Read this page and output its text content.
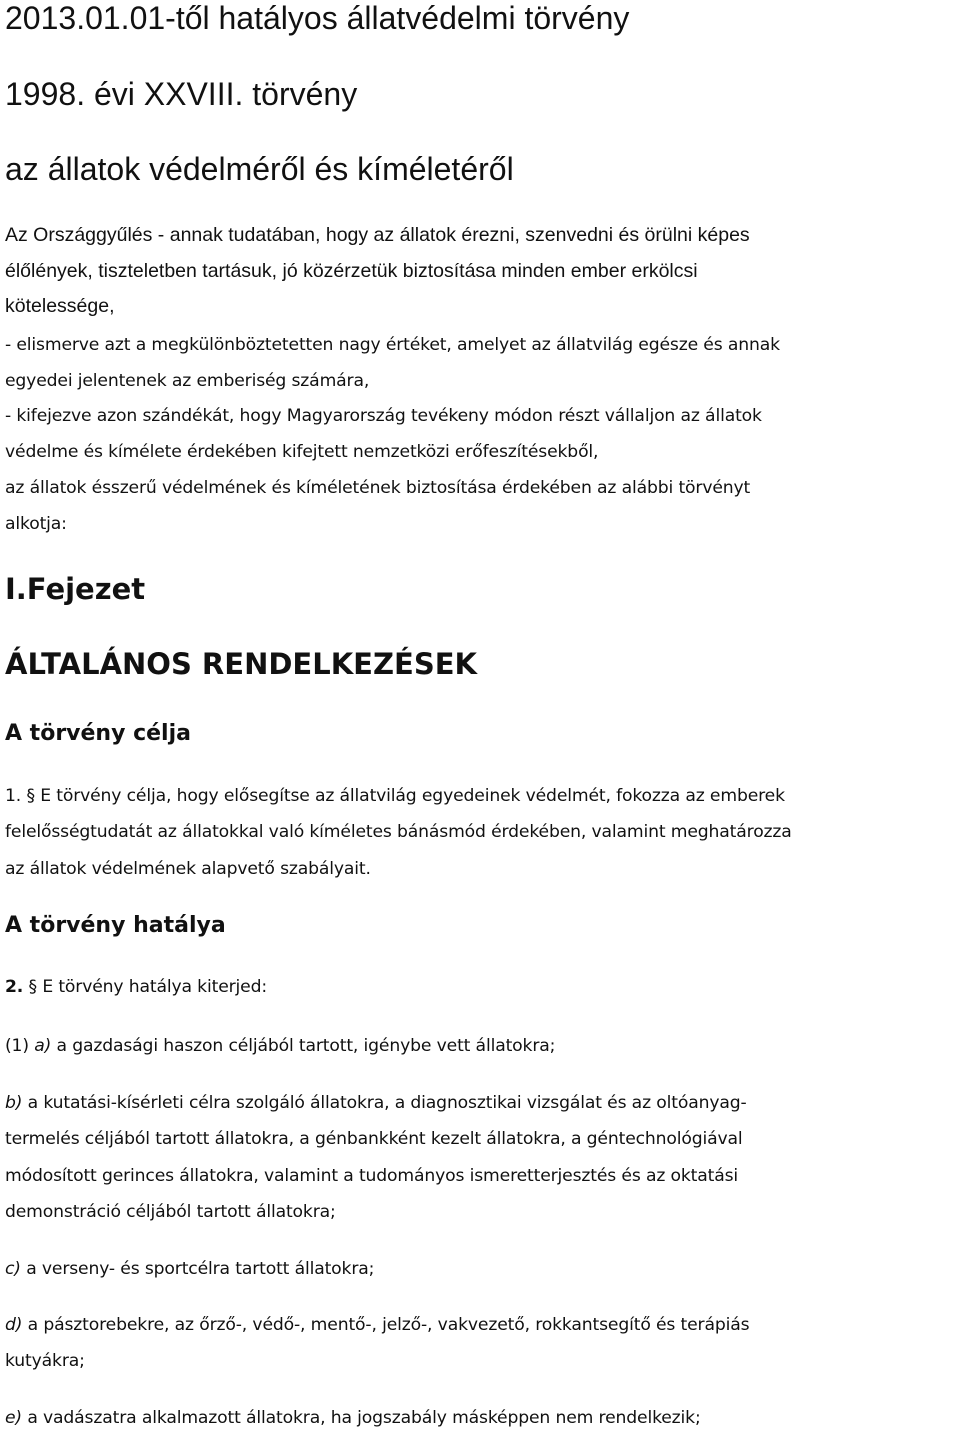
2013.01.01-től hatályos állatvédelmi törvény
1998. évi XXVIII. törvény
az állatok védelméről és kíméletéről

Az Országgyűlés - annak tudatában, hogy az állatok érezni, szenvedni és örülni képes
élőlények, tiszteletben tartásuk, jó közérzetük biztosítása minden ember erkölcsi
kötelessége,

- elismerve azt a megkülönböztetetten nagy értéket, amelyet az állatvilág egésze és annak
egyedei jelentenek az emberiség számára,

- kifejezve azon szándékát, hogy Magyarország tevékeny módon részt vállaljon az állatok
védelme és kímélete érdekében kifejtett nemzetközi erőfeszítésekből,

az állatok ésszerű védelmének és kíméletének biztosítása érdekében az alábbi törvényt
alkotja:

I.Fejezet
ÁLTALÁNOS RENDELKEZÉSEK
A törvény célja

1. § E törvény célja, hogy elősegítse az állatvilág egyedeinek védelmét, fokozza az emberek
felelősségtudatát az állatokkal való kíméletes bánásmód érdekében, valamint meghatározza
az állatok védelmének alapvető szabályait.

A törvény hatálya

2. § E törvény hatálya kiterjed:

(1) a) a gazdasági haszon céljából tartott, igénybe vett állatokra;

b) a kutatási-kísérleti célra szolgáló állatokra, a diagnosztikai vizsgálat és az oltóanyag-
termelés céljából tartott állatokra, a génbankként kezelt állatokra, a géntechnológiával
módosított gerinces állatokra, valamint a tudományos ismeretterjesztés és az oktatási
demonstráció céljából tartott állatokra;

c) a verseny- és sportcélra tartott állatokra;

d) a pásztorebekre, az őrző-, védő-, mentő-, jelző-, vakvezető, rokkantsegítő és terápiás
kutyákra;

e) a vadászatra alkalmazott állatokra, ha jogszabály másképpen nem rendelkezik;
